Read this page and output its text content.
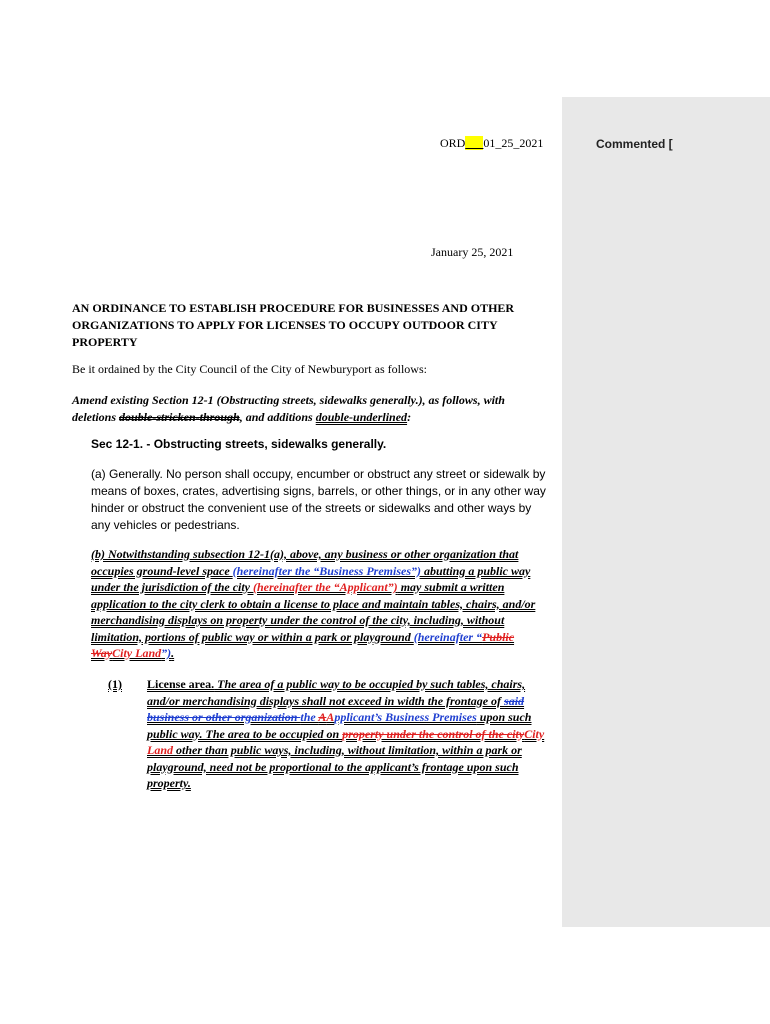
ORD___01_25_2021
January 25, 2021
AN ORDINANCE TO ESTABLISH PROCEDURE FOR BUSINESSES AND OTHER ORGANIZATIONS TO APPLY FOR LICENSES TO OCCUPY OUTDOOR CITY PROPERTY
Be it ordained by the City Council of the City of Newburyport as follows:
Amend existing Section 12-1 (Obstructing streets, sidewalks generally.), as follows, with deletions double-stricken-through, and additions double-underlined:
Sec 12-1. - Obstructing streets, sidewalks generally.
(a) Generally. No person shall occupy, encumber or obstruct any street or sidewalk by means of boxes, crates, advertising signs, barrels, or other things, or in any other way hinder or obstruct the convenient use of the streets or sidewalks and other ways by any vehicles or pedestrians.
(b) Notwithstanding subsection 12-1(a), above, any business or other organization that occupies ground-level space (hereinafter the “Business Premises”) abutting a public way under the jurisdiction of the city (hereinafter the “Applicant”) may submit a written application to the city clerk to obtain a license to place and maintain tables, chairs, and/or merchandising displays on property under the control of the city, including, without limitation, portions of public way or within a park or playground (hereinafter “Public WayCity Land”).
(1) License area. The area of a public way to be occupied by such tables, chairs, and/or merchandising displays shall not exceed in width the frontage of said business or other organization the AApplicant’s Business Premises upon such public way. The area to be occupied on property under the control of the cityCity Land other than public ways, including, without limitation, within a park or playground, need not be proportional to the applicant’s frontage upon such property.
Commented [
